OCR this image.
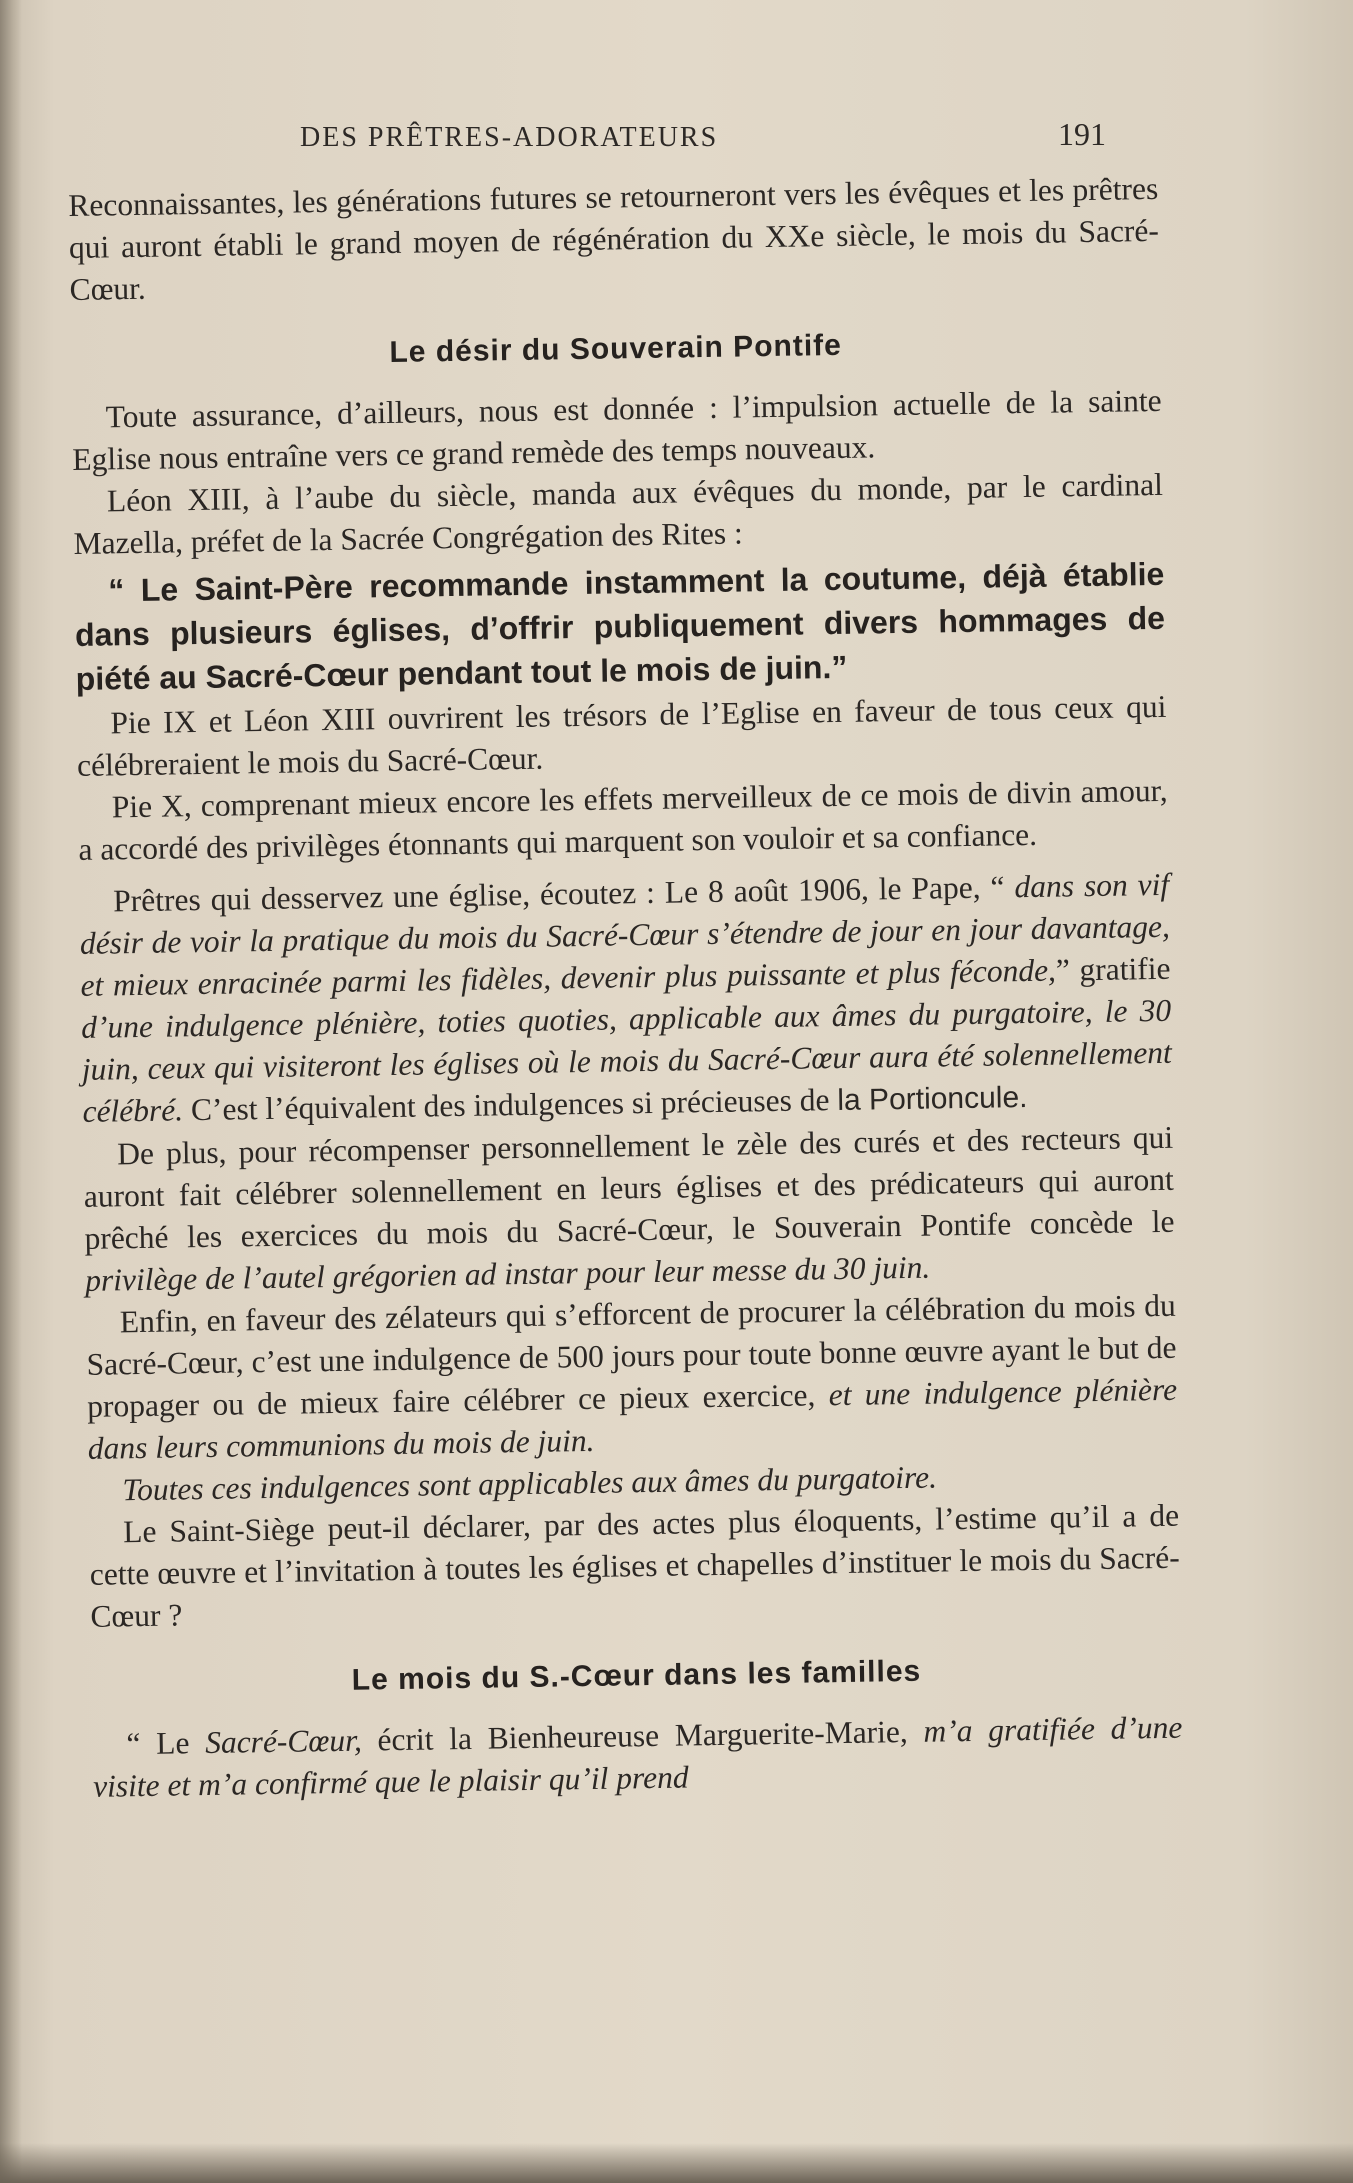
DES PRÊTRES-ADORATEURS	191

Reconnaissantes, les générations futures se retourneront vers les évêques et les prêtres qui auront établi le grand moyen de régénération du XXe siècle, le mois du Sacré-Cœur.

Le désir du Souverain Pontife

Toute assurance, d’ailleurs, nous est donnée : l’impulsion actuelle de la sainte Eglise nous entraîne vers ce grand remède des temps nouveaux.

Léon XIII, à l’aube du siècle, manda aux évêques du monde, par le cardinal Mazella, préfet de la Sacrée Congrégation des Rites :

“ Le Saint-Père recommande instamment la coutume, déjà établie dans plusieurs églises, d’offrir publiquement divers hommages de piété au Sacré-Cœur pendant tout le mois de juin.”

Pie IX et Léon XIII ouvrirent les trésors de l’Eglise en faveur de tous ceux qui célébreraient le mois du Sacré-Cœur.

Pie X, comprenant mieux encore les effets merveilleux de ce mois de divin amour, a accordé des privilèges étonnants qui marquent son vouloir et sa confiance.

Prêtres qui desservez une église, écoutez : Le 8 août 1906, le Pape, “ dans son vif désir de voir la pratique du mois du Sacré-Cœur s’étendre de jour en jour davantage, et mieux enracinée parmi les fidèles, devenir plus puissante et plus féconde,” gratifie d’une indulgence plénière, toties quoties, applicable aux âmes du purgatoire, le 30 juin, ceux qui visiteront les églises où le mois du Sacré-Cœur aura été solennellement célébré. C’est l’équivalent des indulgences si précieuses de la Portioncule.

De plus, pour récompenser personnellement le zèle des curés et des recteurs qui auront fait célébrer solennellement en leurs églises et des prédicateurs qui auront prêché les exercices du mois du Sacré-Cœur, le Souverain Pontife concède le privilège de l’autel grégorien ad instar pour leur messe du 30 juin.

Enfin, en faveur des zélateurs qui s’efforcent de procurer la célébration du mois du Sacré-Cœur, c’est une indulgence de 500 jours pour toute bonne œuvre ayant le but de propager ou de mieux faire célébrer ce pieux exercice, et une indulgence plénière dans leurs communions du mois de juin.

Toutes ces indulgences sont applicables aux âmes du purgatoire.

Le Saint-Siège peut-il déclarer, par des actes plus éloquents, l’estime qu’il a de cette œuvre et l’invitation à toutes les églises et chapelles d’instituer le mois du Sacré-Cœur ?

Le mois du S.-Cœur dans les familles

“ Le Sacré-Cœur, écrit la Bienheureuse Marguerite-Marie, m’a gratifiée d’une visite et m’a confirmé que le plaisir qu’il prend
